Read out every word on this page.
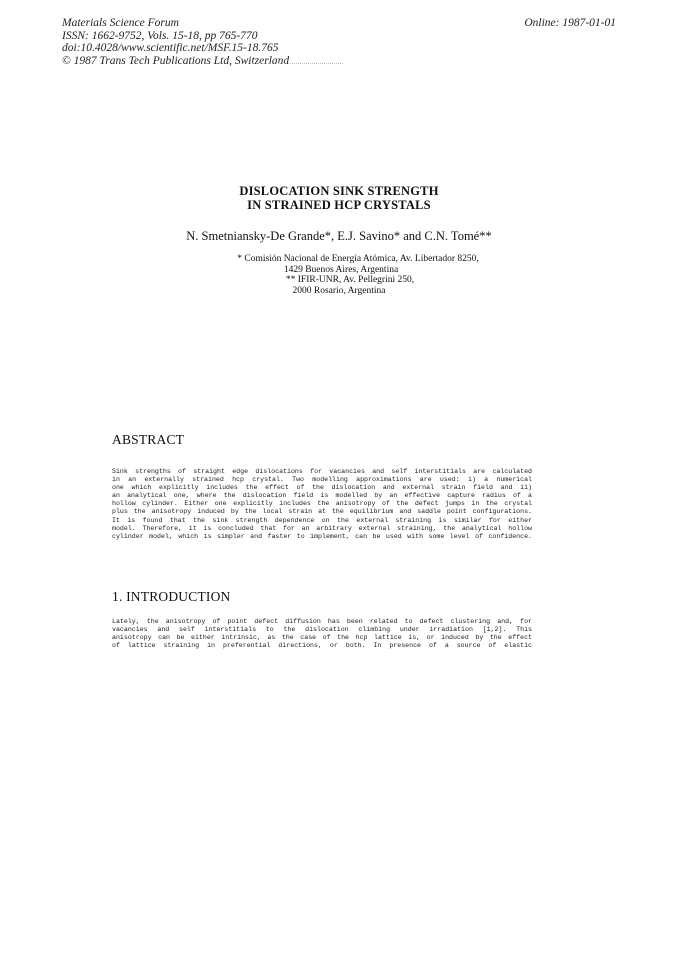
Materials Science Forum
ISSN: 1662-9752, Vols. 15-18, pp 765-770
doi:10.4028/www.scientific.net/MSF.15-18.765
© 1987 Trans Tech Publications Ltd, Switzerland
Online: 1987-01-01
DISLOCATION SINK STRENGTH
IN STRAINED HCP CRYSTALS
N. Smetniansky-De Grande*, E.J. Savino* and C.N. Tomé**
* Comisión Nacional de Energía Atómica, Av. Libertador 8250,
1429 Buenos Aires, Argentina
** IFIR-UNR, Av. Pellegrini 250,
2000 Rosario, Argentina
ABSTRACT
Sink strengths of straight edge dislocations for vacancies and self interstitials are calculated
in an externally strained hcp crystal. Two modelling approximations are used: i) a numerical
one which explicitly includes the effect of the dislocation and external strain field and ii)
an analytical one, where the dislocation field is modelled by an effective capture radius of a
hollow cylinder. Either one explicitly includes the anisotropy of the defect jumps in the crystal
plus the anisotropy induced by the local strain at the equilibrium and saddle point configurations.
It is found that the sink strength dependence on the external straining is similar for either
model. Therefore, it is concluded that for an arbitrary external straining, the analytical hollow
cylinder model, which is simpler and faster to implement, can be used with some level of confidence.
1. INTRODUCTION
Lately, the anisotropy of point defect diffusion has been related to defect clustering and, for
vacancies and self interstitials to the dislocation climbing under irradiation [1,2]. This
anisotropy can be either intrinsic, as the case of the hcp lattice is, or induced by the effect
of lattice straining in preferential directions, or both. In presence of a source of elastic
